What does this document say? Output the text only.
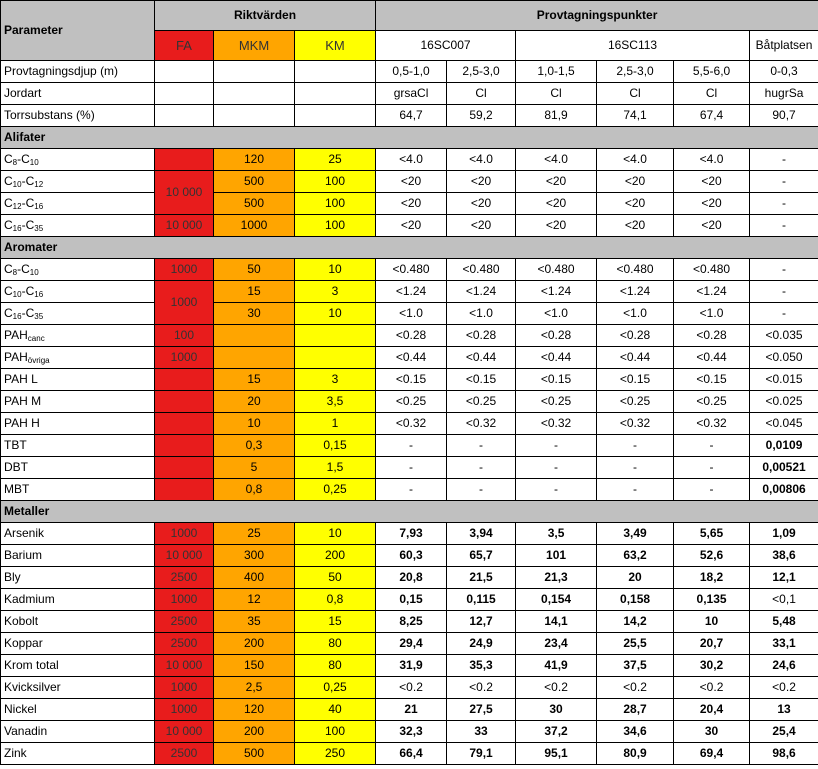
Parameter	Riktvärden			Provtagningspunkter					
	FA	MKM	KM	16SC007		16SC113			Båtplatsen
Provtagningsdjup (m)				0,5-1,0	2,5-3,0	1,0-1,5	2,5-3,0	5,5-6,0	0-0,3
Jordart				grsaCl	Cl	Cl	Cl	Cl	hugrSa
Torrsubstans (%)				64,7	59,2	81,9	74,1	67,4	90,7
Alifater									
$C_8-C_{10}$		120	25	<4.0	<4.0	<4.0	<4.0	<4.0	-
$C_{10}-C_{12}$	10 000	500	100	<20	<20	<20	<20	<20	-
$C_{12}-C_{16}$		500	100	<20	<20	<20	<20	<20	-
$C_{16}-C_{35}$	10 000	1000	100	<20	<20	<20	<20	<20	-
Aromater									
$C_8-C_{10}$	1000	50	10	<0.480	<0.480	<0.480	<0.480	<0.480	-
$C_{10}-C_{16}$	1000	15	3	<1.24	<1.24	<1.24	<1.24	<1.24	-
$C_{16}-C_{35}$		30	10	<1.0	<1.0	<1.0	<1.0	<1.0	-
$PAH_{canc}$	100			<0.28	<0.28	<0.28	<0.28	<0.28	<0.035
$PAH_{övriga}$	1000			<0.44	<0.44	<0.44	<0.44	<0.44	<0.050
PAH L		15	3	<0.15	<0.15	<0.15	<0.15	<0.15	<0.015
PAH M		20	3,5	<0.25	<0.25	<0.25	<0.25	<0.25	<0.025
PAH H		10	1	<0.32	<0.32	<0.32	<0.32	<0.32	<0.045
TBT		0,3	0,15	-	-	-	-	-	0,0109
DBT		5	1,5	-	-	-	-	-	0,00521
MBT		0,8	0,25	-	-	-	-	-	0,00806
Metaller									
Arsenik	1000	25	10	7,93	3,94	3,5	3,49	5,65	1,09
Barium	10 000	300	200	60,3	65,7	101	63,2	52,6	38,6
Bly	2500	400	50	20,8	21,5	21,3	20	18,2	12,1
Kadmium	1000	12	0,8	0,15	0,115	0,154	0,158	0,135	<0,1
Kobolt	2500	35	15	8,25	12,7	14,1	14,2	10	5,48
Koppar	2500	200	80	29,4	24,9	23,4	25,5	20,7	33,1
Krom total	10 000	150	80	31,9	35,3	41,9	37,5	30,2	24,6
Kvicksilver	1000	2,5	0,25	<0.2	<0.2	<0.2	<0.2	<0.2	<0.2
Nickel	1000	120	40	21	27,5	30	28,7	20,4	13
Vanadin	10 000	200	100	32,3	33	37,2	34,6	30	25,4
Zink	2500	500	250	66,4	79,1	95,1	80,9	69,4	98,6
